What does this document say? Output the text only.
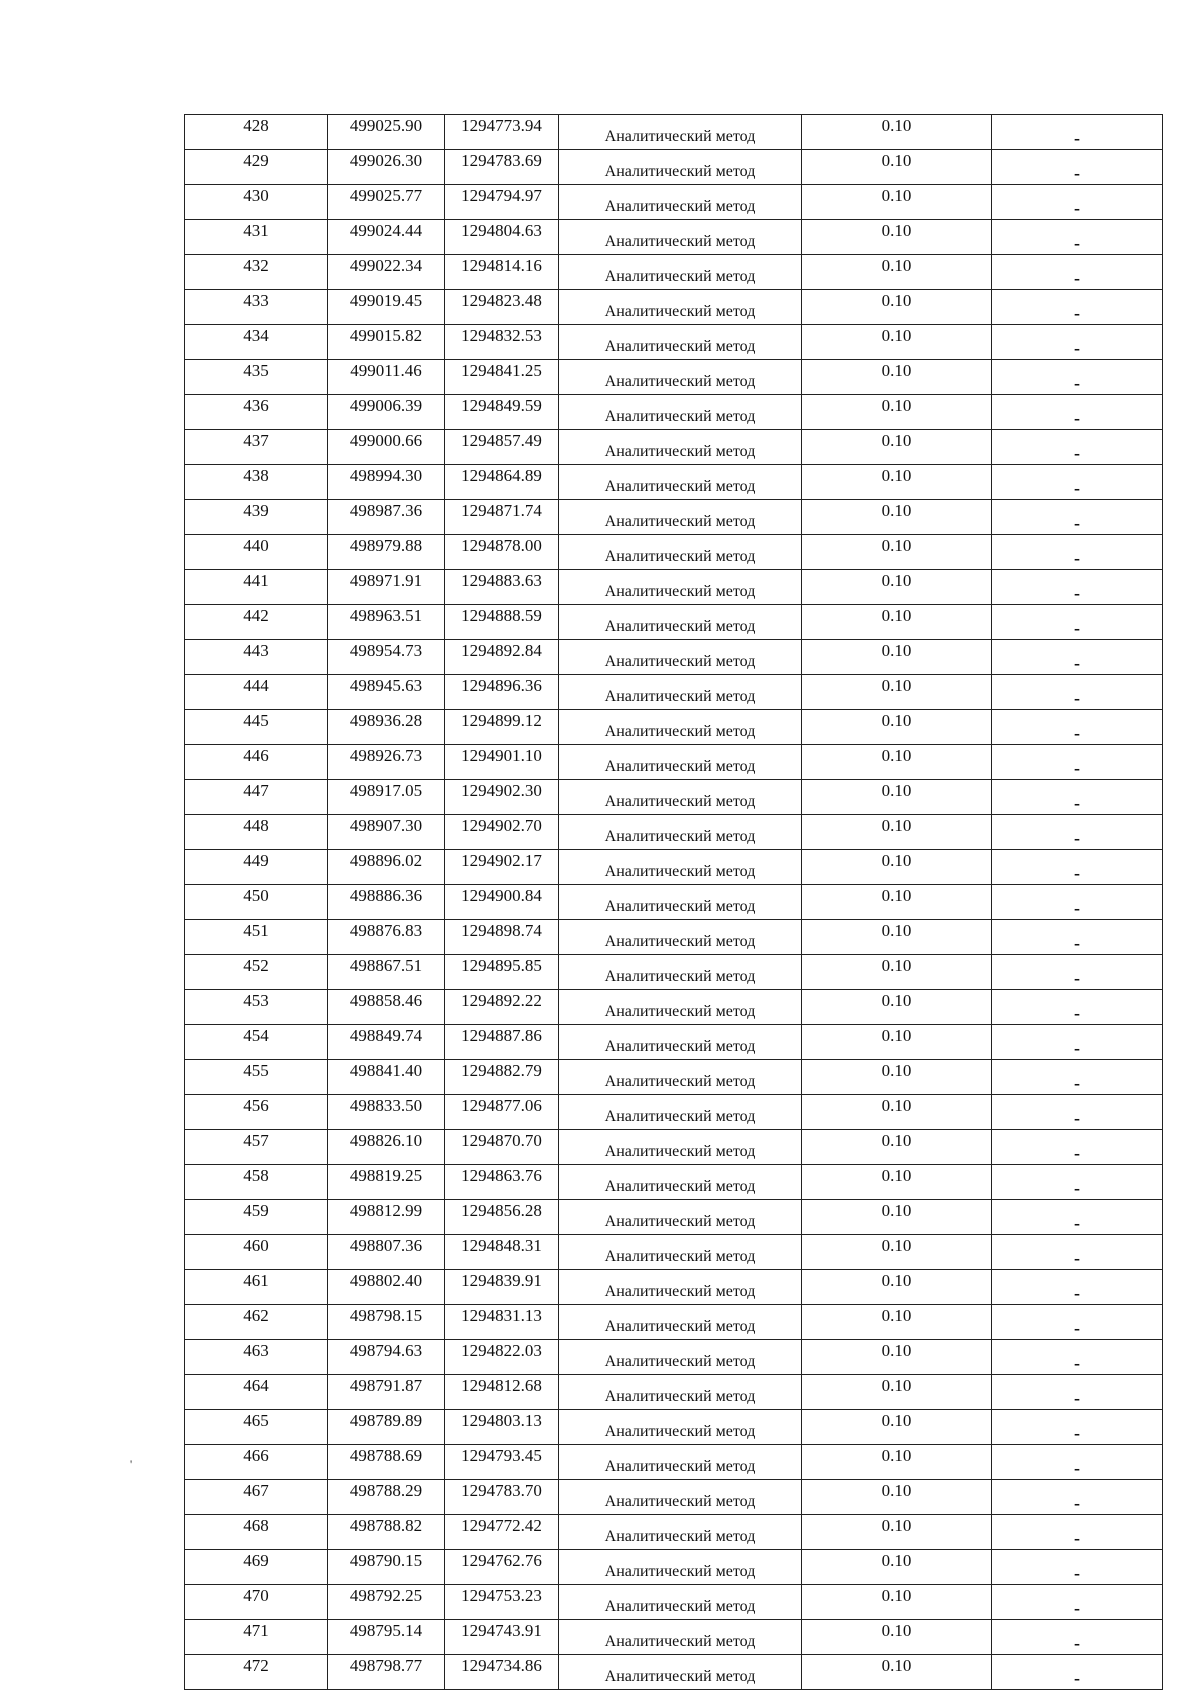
428	499025.90	1294773.94	Аналитический метод	0.10	-
429	499026.30	1294783.69	Аналитический метод	0.10	-
430	499025.77	1294794.97	Аналитический метод	0.10	-
431	499024.44	1294804.63	Аналитический метод	0.10	-
432	499022.34	1294814.16	Аналитический метод	0.10	-
433	499019.45	1294823.48	Аналитический метод	0.10	-
434	499015.82	1294832.53	Аналитический метод	0.10	-
435	499011.46	1294841.25	Аналитический метод	0.10	-
436	499006.39	1294849.59	Аналитический метод	0.10	-
437	499000.66	1294857.49	Аналитический метод	0.10	-
438	498994.30	1294864.89	Аналитический метод	0.10	-
439	498987.36	1294871.74	Аналитический метод	0.10	-
440	498979.88	1294878.00	Аналитический метод	0.10	-
441	498971.91	1294883.63	Аналитический метод	0.10	-
442	498963.51	1294888.59	Аналитический метод	0.10	-
443	498954.73	1294892.84	Аналитический метод	0.10	-
444	498945.63	1294896.36	Аналитический метод	0.10	-
445	498936.28	1294899.12	Аналитический метод	0.10	-
446	498926.73	1294901.10	Аналитический метод	0.10	-
447	498917.05	1294902.30	Аналитический метод	0.10	-
448	498907.30	1294902.70	Аналитический метод	0.10	-
449	498896.02	1294902.17	Аналитический метод	0.10	-
450	498886.36	1294900.84	Аналитический метод	0.10	-
451	498876.83	1294898.74	Аналитический метод	0.10	-
452	498867.51	1294895.85	Аналитический метод	0.10	-
453	498858.46	1294892.22	Аналитический метод	0.10	-
454	498849.74	1294887.86	Аналитический метод	0.10	-
455	498841.40	1294882.79	Аналитический метод	0.10	-
456	498833.50	1294877.06	Аналитический метод	0.10	-
457	498826.10	1294870.70	Аналитический метод	0.10	-
458	498819.25	1294863.76	Аналитический метод	0.10	-
459	498812.99	1294856.28	Аналитический метод	0.10	-
460	498807.36	1294848.31	Аналитический метод	0.10	-
461	498802.40	1294839.91	Аналитический метод	0.10	-
462	498798.15	1294831.13	Аналитический метод	0.10	-
463	498794.63	1294822.03	Аналитический метод	0.10	-
464	498791.87	1294812.68	Аналитический метод	0.10	-
465	498789.89	1294803.13	Аналитический метод	0.10	-
466	498788.69	1294793.45	Аналитический метод	0.10	-
467	498788.29	1294783.70	Аналитический метод	0.10	-
468	498788.82	1294772.42	Аналитический метод	0.10	-
469	498790.15	1294762.76	Аналитический метод	0.10	-
470	498792.25	1294753.23	Аналитический метод	0.10	-
471	498795.14	1294743.91	Аналитический метод	0.10	-
472	498798.77	1294734.86	Аналитический метод	0.10	-
'
